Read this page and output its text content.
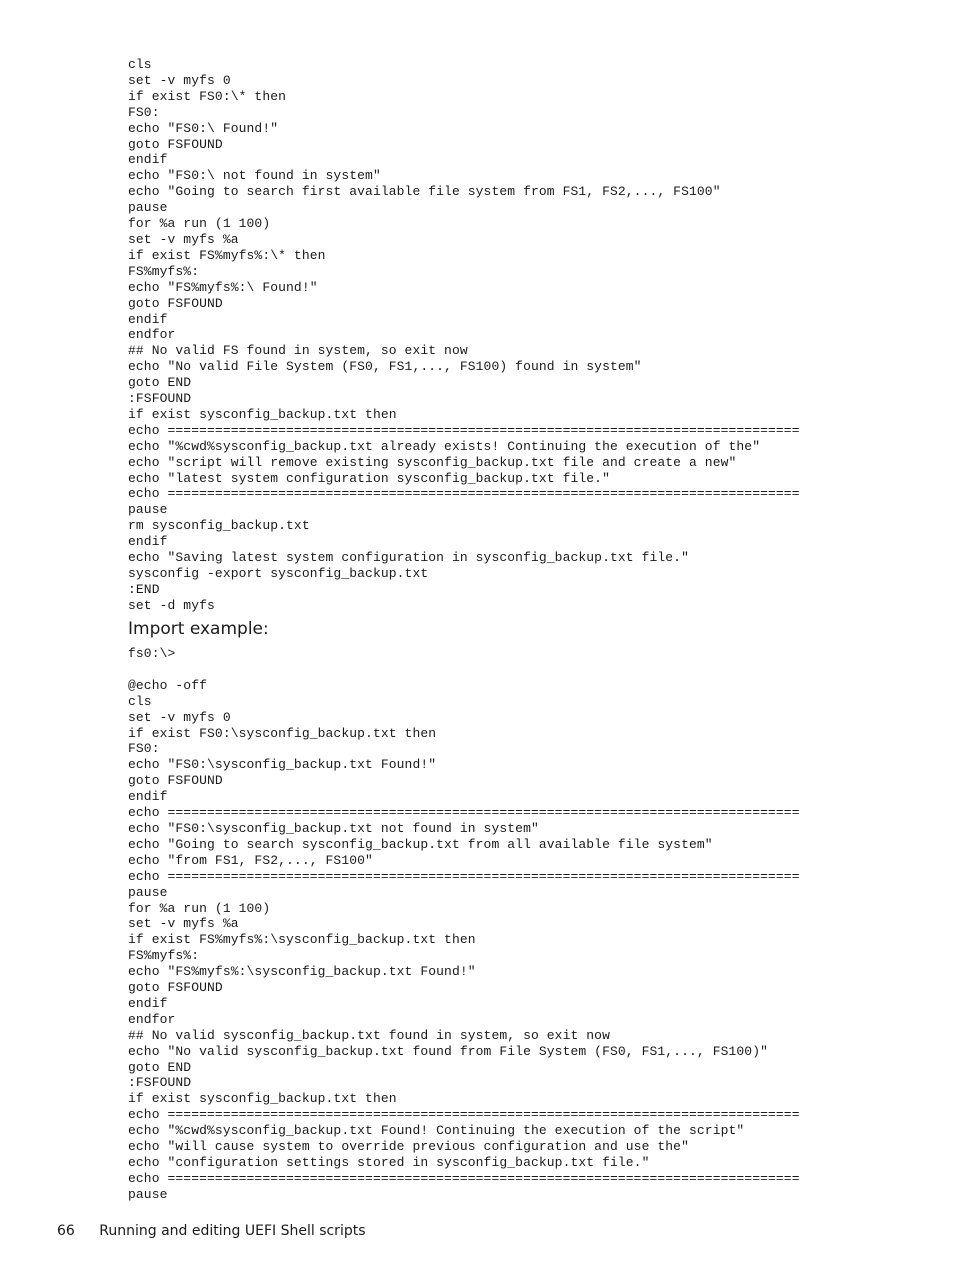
cls
set -v myfs 0
if exist FS0:\* then
FS0:
echo "FS0:\ Found!"
goto FSFOUND
endif
echo "FS0:\ not found in system"
echo "Going to search first available file system from FS1, FS2,..., FS100"
pause
for %a run (1 100)
set -v myfs %a
if exist FS%myfs%:\* then
FS%myfs%:
echo "FS%myfs%:\ Found!"
goto FSFOUND
endif
endfor
## No valid FS found in system, so exit now
echo "No valid File System (FS0, FS1,..., FS100) found in system"
goto END
:FSFOUND
if exist sysconfig_backup.txt then
echo ================================================================================
echo "%cwd%sysconfig_backup.txt already exists! Continuing the execution of the"
echo "script will remove existing sysconfig_backup.txt file and create a new"
echo "latest system configuration sysconfig_backup.txt file."
echo ================================================================================
pause
rm sysconfig_backup.txt
endif
echo "Saving latest system configuration in sysconfig_backup.txt file."
sysconfig -export sysconfig_backup.txt
:END
set -d myfs
Import example:
fs0:\>

@echo -off
cls
set -v myfs 0
if exist FS0:\sysconfig_backup.txt then
FS0:
echo "FS0:\sysconfig_backup.txt Found!"
goto FSFOUND
endif
echo ================================================================================
echo "FS0:\sysconfig_backup.txt not found in system"
echo "Going to search sysconfig_backup.txt from all available file system"
echo "from FS1, FS2,..., FS100"
echo ================================================================================
pause
for %a run (1 100)
set -v myfs %a
if exist FS%myfs%:\sysconfig_backup.txt then
FS%myfs%:
echo "FS%myfs%:\sysconfig_backup.txt Found!"
goto FSFOUND
endif
endfor
## No valid sysconfig_backup.txt found in system, so exit now
echo "No valid sysconfig_backup.txt found from File System (FS0, FS1,..., FS100)"
goto END
:FSFOUND
if exist sysconfig_backup.txt then
echo ================================================================================
echo "%cwd%sysconfig_backup.txt Found! Continuing the execution of the script"
echo "will cause system to override previous configuration and use the"
echo "configuration settings stored in sysconfig_backup.txt file."
echo ================================================================================
pause
66 Running and editing UEFI Shell scripts
